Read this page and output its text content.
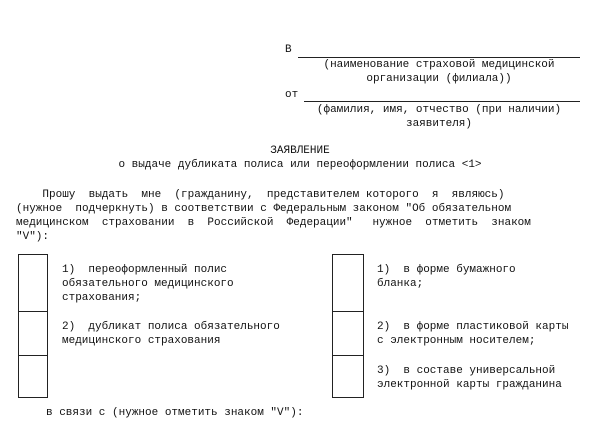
В
(наименование страховой медицинской
организации (филиала))
от
(фамилия, имя, отчество (при наличии)
заявителя)
ЗАЯВЛЕНИЕ
о выдаче дубликата полиса или переоформлении полиса <1>
Прошу  выдать  мне  (гражданину,  представителем которого  я  являюсь)
(нужное  подчеркнуть) в соответствии с Федеральным законом "Об обязательном
медицинском  страховании  в  Российской  Федерации"   нужное  отметить  знаком
"V"):
1)  переоформленный полис
обязательного медицинского
страхования;
2)  дубликат полиса обязательного
медицинского страхования
1)  в форме бумажного
бланка;
2)  в форме пластиковой карты
с электронным носителем;
3)  в составе универсальной
электронной карты гражданина
в связи с (нужное отметить знаком "V"):
